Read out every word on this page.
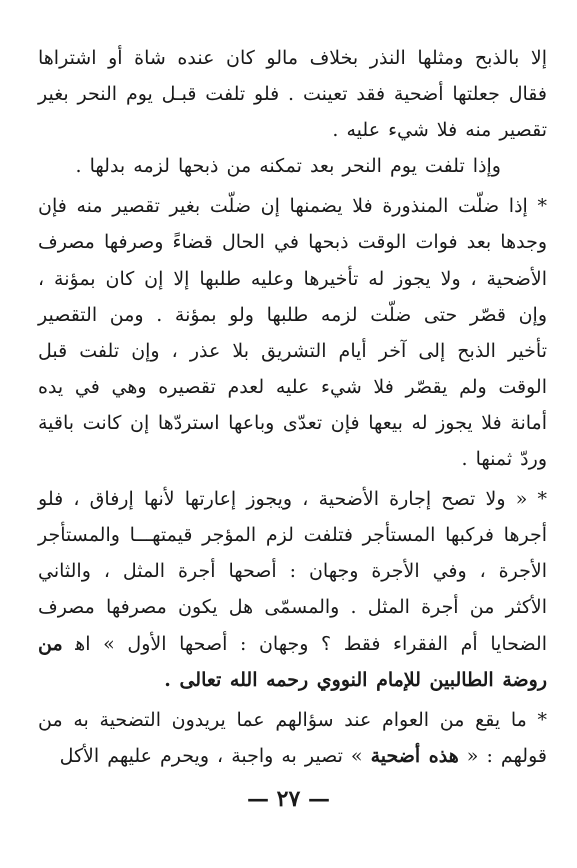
إلا بالذبح ومثلها النذر بخلاف مالو كان عنده شاة أو اشتراها فقال جعلتها أضحية فقد تعينت . فلو تلفت قبـل يوم النحر بغير تقصير منه فلا شيء عليه .

وإذا تلفت يوم النحر بعد تمكنه من ذبحها لزمه بدلها .

* إذا ضلّت المنذورة فلا يضمنها إن ضلّت بغير تقصير منه فإن وجدها بعد فوات الوقت ذبحها في الحال قضاءً وصرفها مصرف الأضحية ، ولا يجوز له تأخيرها وعليه طلبها إلا إن كان بمؤنة ، وإن قصّر حتى ضلّت لزمه طلبها ولو بمؤنة . ومن التقصير تأخير الذبح إلى آخر أيام التشريق بلا عذر ، وإن تلفت قبل الوقت ولم يقصّر فلا شيء عليه لعدم تقصيره وهي في يده أمانة فلا يجوز له بيعها فإن تعدّى وباعها استردّها إن كانت باقية وردّ ثمنها .

* « ولا تصح إجارة الأضحية ، ويجوز إعارتها لأنها إرفاق ، فلو أجرها فركبها المستأجر فتلفت لزم المؤجر قيمتهـــا والمستأجر الأجرة ، وفي الأجرة وجهان : أصحها أجرة المثل ، والثاني الأكثر من أجرة المثل . والمسمّى هل يكون مصرفها مصرف الضحايا أم الفقراء فقط ؟ وجهان : أصحها الأول » اﻫ من روضة الطالبين للإمام النووي رحمه الله تعالى .

* ما يقع من العوام عند سؤالهم عما يريدون التضحية به من قولهم : « هذه أضحية » تصير به واجبة ، ويحرم عليهم الأكل

— ٢٧ —
